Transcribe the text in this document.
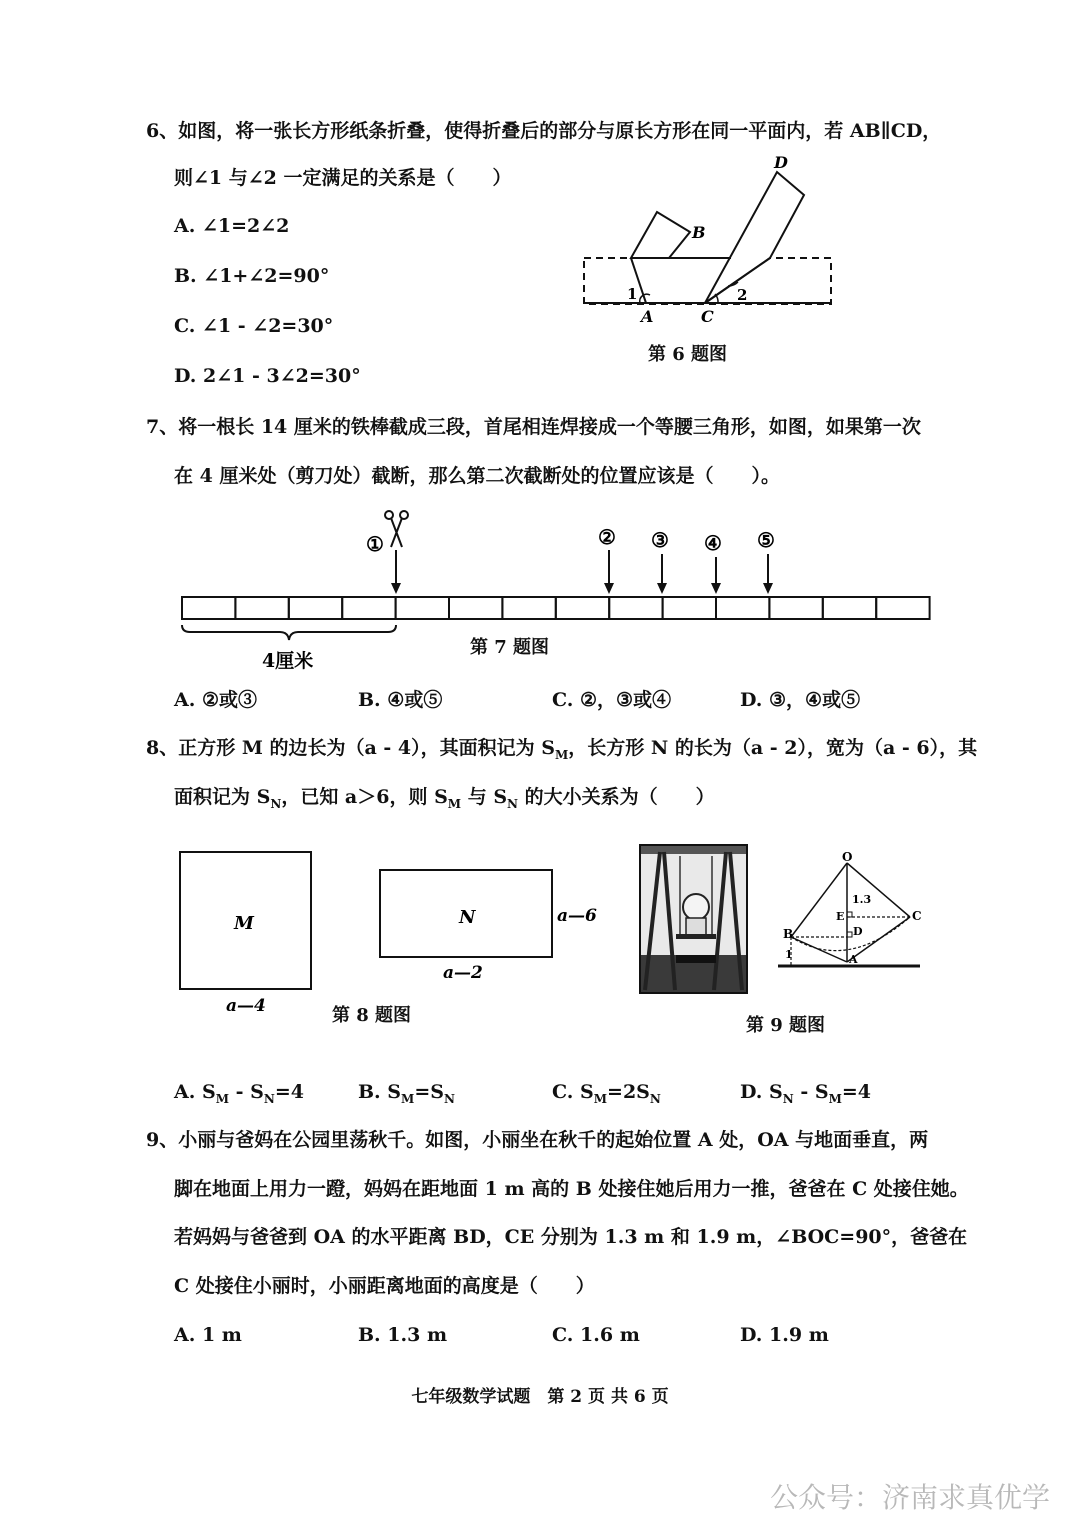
6、如图，将一张长方形纸条折叠，使得折叠后的部分与原长方形在同一平面内，若 AB∥CD，
则∠1 与∠2 一定满足的关系是（　　）
A. ∠1=2∠2
B. ∠1+∠2=90°
C. ∠1 - ∠2=30°
D. 2∠1 - 3∠2=30°
A
B
C
D
1	2
第 6 题图
7、将一根长 14 厘米的铁棒截成三段，首尾相连焊接成一个等腰三角形，如图，如果第一次
在 4 厘米处（剪刀处）截断，那么第二次截断处的位置应该是（　　）。
①	② ③ ④ ⑤
4厘米
第 7 题图
A. ②或③	B. ④或⑤	C. ②，③或④	D. ③，④或⑤
8、正方形 M 的边长为（a - 4），其面积记为 $S_M$，长方形 N 的长为（a - 2），宽为（a - 6），其
面积记为 $S_N$，已知 a＞6，则 $S_M$ 与 $S_N$ 的大小关系为（　　）
M
a—4
N
a—2
a—6
第 8 题图
O
1.3
E
D
B
C
A
1
第 9 题图
A. $S_M - S_N=4$	B. $S_M=S_N$	C. $S_M=2S_N$	D. $S_N - S_M=4$
9、小丽与爸妈在公园里荡秋千。如图，小丽坐在秋千的起始位置 A 处，OA 与地面垂直，两
脚在地面上用力一蹬，妈妈在距地面 1 m 高的 B 处接住她后用力一推，爸爸在 C 处接住她。
若妈妈与爸爸到 OA 的水平距离 BD，CE 分别为 1.3 m 和 1.9 m，∠BOC=90°，爸爸在
C 处接住小丽时，小丽距离地面的高度是（　　）
A. 1 m	B. 1.3 m	C. 1.6 m	D. 1.9 m
七年级数学试题　第 2 页 共 6 页
公众号：济南求真优学
